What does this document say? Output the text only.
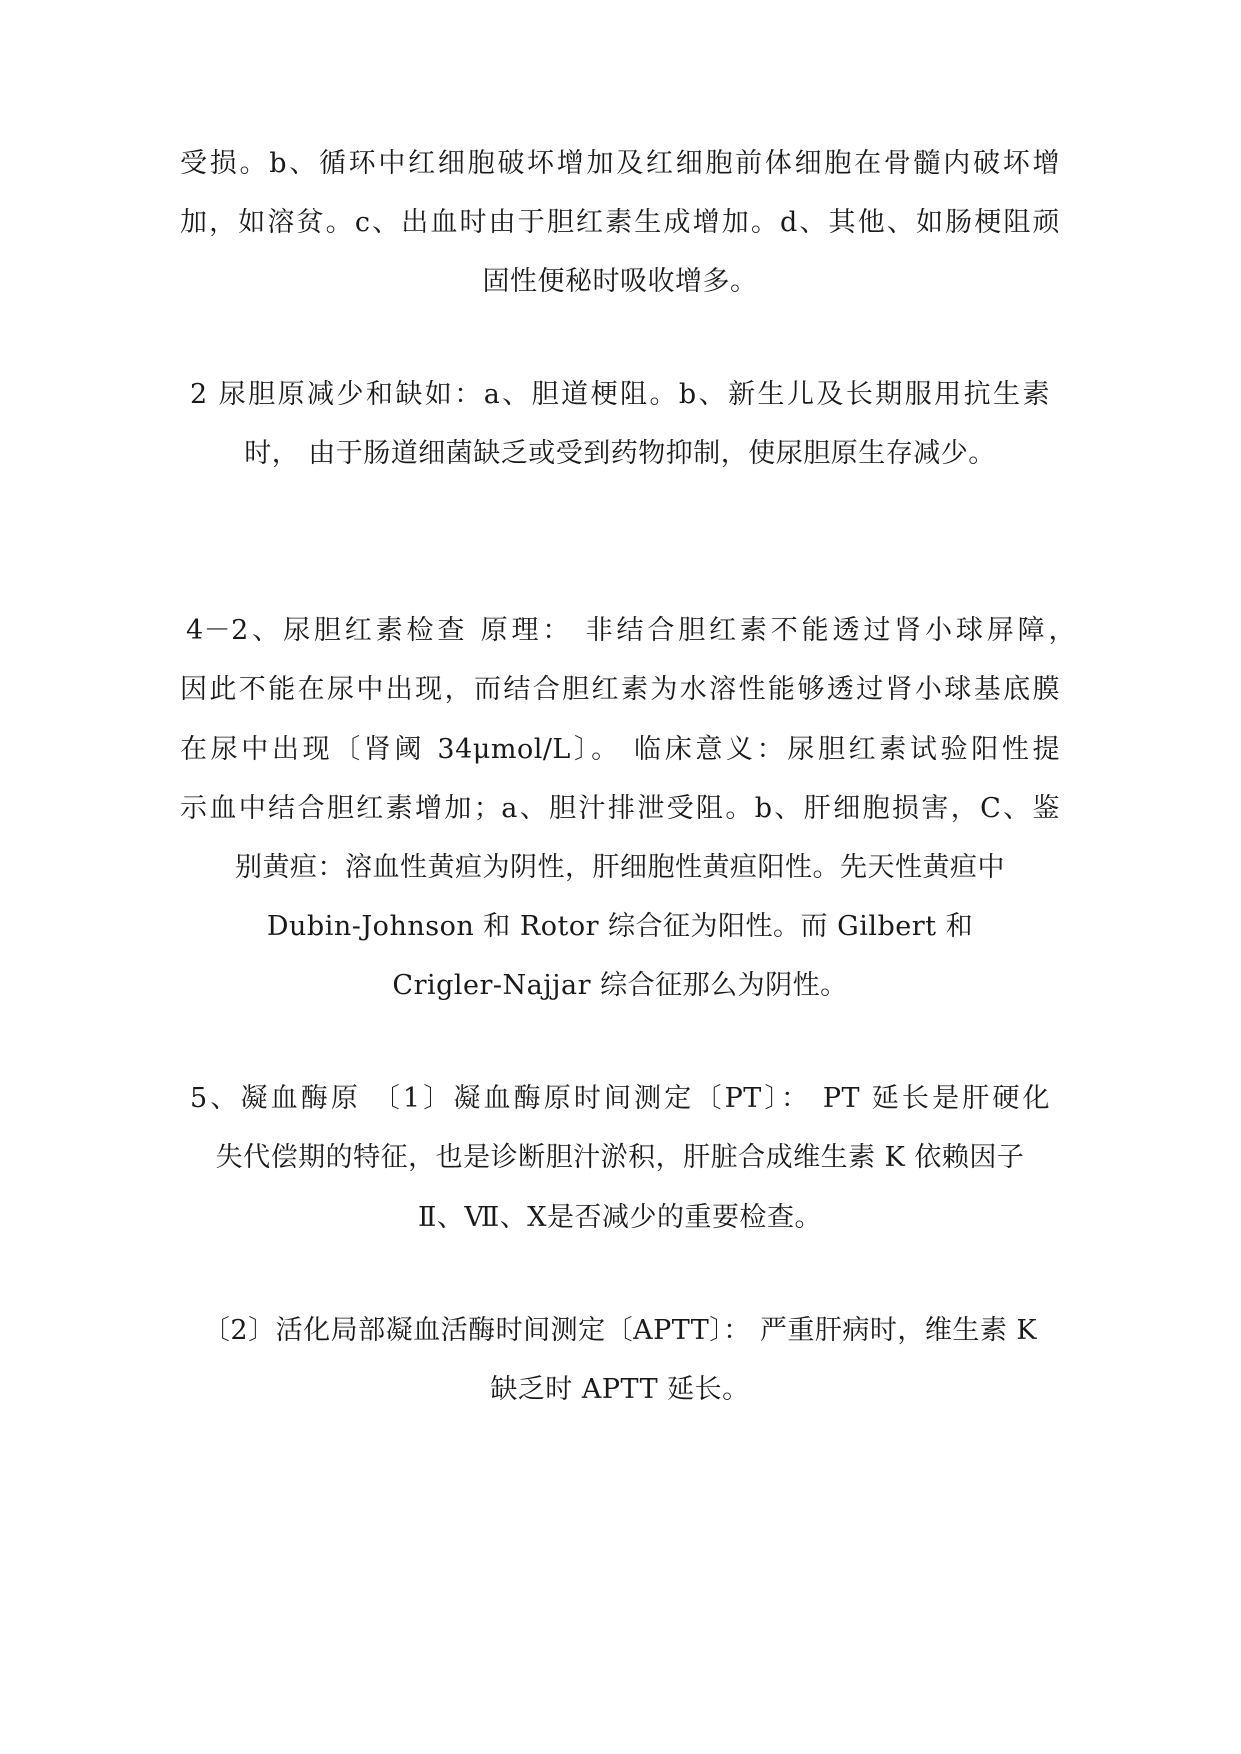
受损。b、循环中红细胞破坏增加及红细胞前体细胞在骨髓内破坏增
加，如溶贫。c、出血时由于胆红素生成增加。d、其他、如肠梗阻顽
固性便秘时吸收增多。
2 尿胆原减少和缺如：a、胆道梗阻。b、新生儿及长期服用抗生素
时， 由于肠道细菌缺乏或受到药物抑制，使尿胆原生存减少。
4－2、尿胆红素检查 原理： 非结合胆红素不能透过肾小球屏障，
因此不能在尿中出现，而结合胆红素为水溶性能够透过肾小球基底膜
在尿中出现〔肾阈 34μmol/L〕。 临床意义：尿胆红素试验阳性提
示血中结合胆红素增加；a、胆汁排泄受阻。b、肝细胞损害，C、鉴
别黄疸：溶血性黄疸为阴性，肝细胞性黄疸阳性。先天性黄疸中
Dubin-Johnson 和 Rotor 综合征为阳性。而 Gilbert 和
Crigler-Najjar 综合征那么为阴性。
5、凝血酶原 〔1〕凝血酶原时间测定〔PT〕： PT 延长是肝硬化
失代偿期的特征，也是诊断胆汁淤积，肝脏合成维生素 K 依赖因子
Ⅱ、Ⅶ、Ⅹ是否减少的重要检查。
〔2〕活化局部凝血活酶时间测定〔APTT〕： 严重肝病时，维生素 K
缺乏时 APTT 延长。
